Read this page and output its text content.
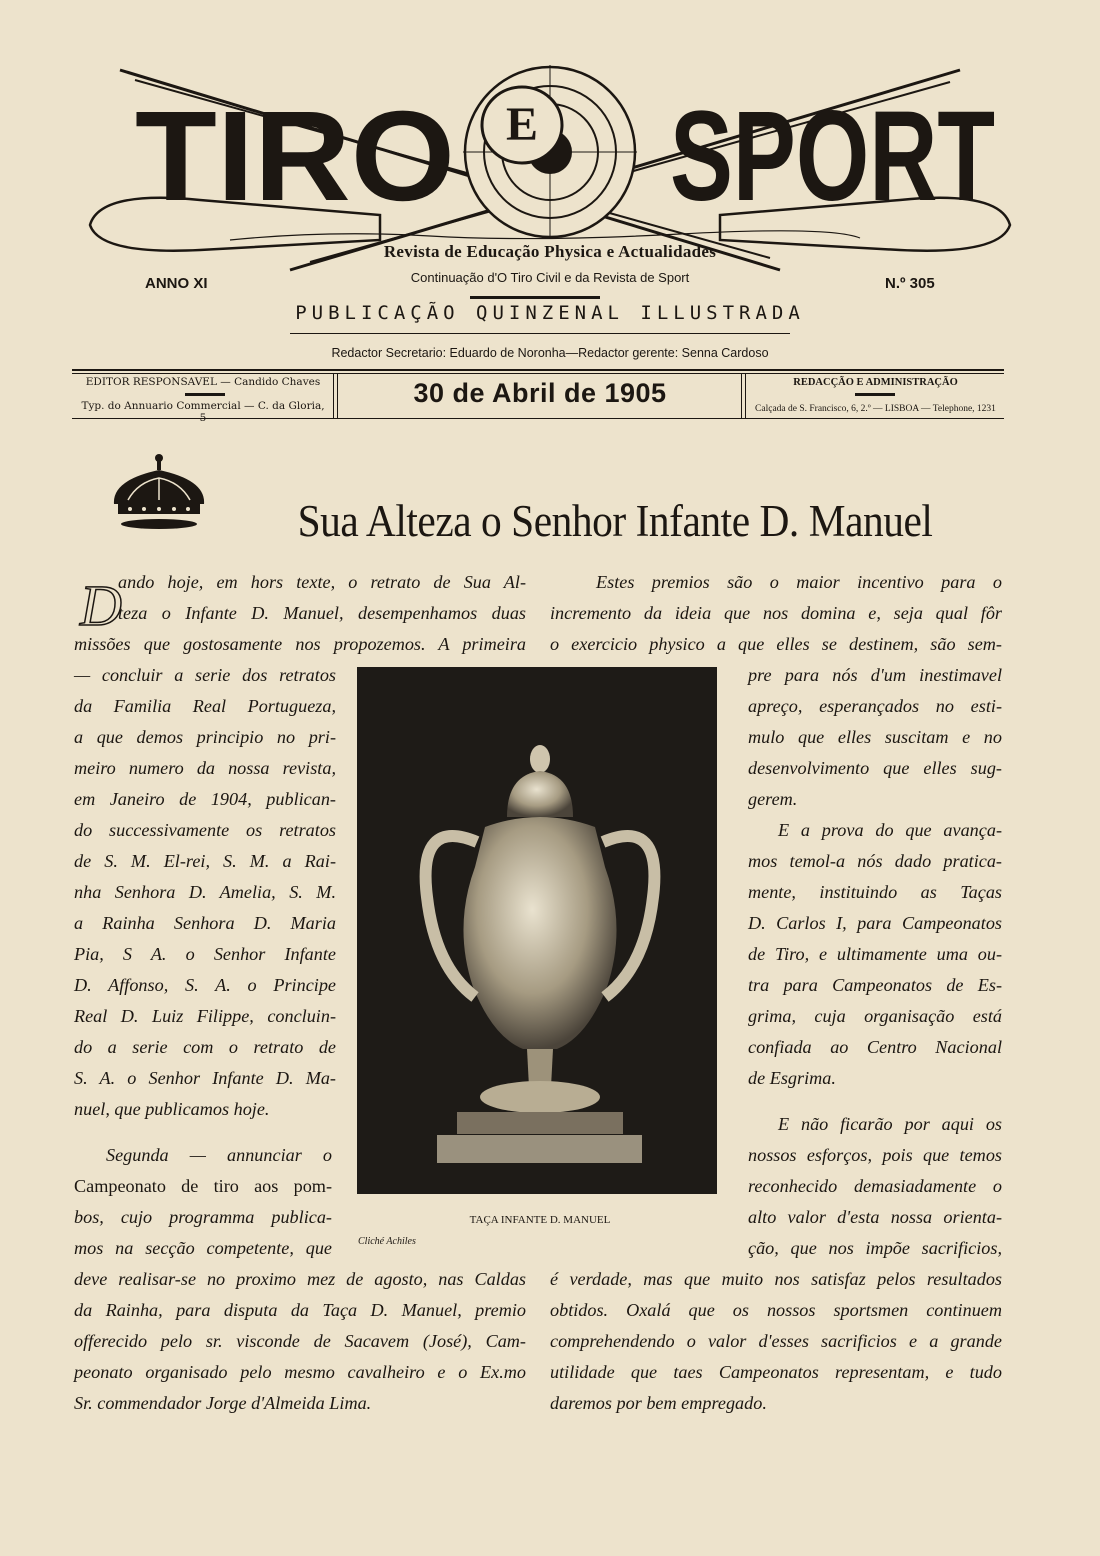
E
TIRO SPORT
ANNO XI	N.º 305
Revista de Educação Physica e Actualidades
Continuação d'O Tiro Civil e da Revista de Sport
PUBLICAÇÃO QUINZENAL ILLUSTRADA
Redactor Secretario: Eduardo de Noronha—Redactor gerente: Senna Cardoso
EDITOR RESPONSAVEL — Candido Chaves
Typ. do Annuario Commercial — C. da Gloria, 5
30 de Abril de 1905	REDACÇÃO E ADMINISTRAÇÃO
Calçada de S. Francisco, 6, 2.º — LISBOA — Telephone, 1231
Sua Alteza o Senhor Infante D. Manuel
D
TAÇA INFANTE D. MANUEL
Cliché Achiles
ando hoje, em hors texte, o retrato de Sua Al-
teza o Infante D. Manuel, desempenhamos duas
missões que gostosamente nos propozemos. A primeira
— concluir a serie dos retratos
da Familia Real Portugueza,
a que demos principio no pri-
meiro numero da nossa revista,
em Janeiro de 1904, publican-
do successivamente os retratos
de S. M. El-rei, S. M. a Rai-
nha Senhora D. Amelia, S. M.
a Rainha Senhora D. Maria
Pia, S A. o Senhor Infante
D. Affonso, S. A. o Principe
Real D. Luiz Filippe, concluin-
do a serie com o retrato de
S. A. o Senhor Infante D. Ma-
nuel, que publicamos hoje.
Segunda — annunciar o
Campeonato de tiro aos pom-
bos, cujo programma publica-
mos na secção competente, que
deve realisar-se no proximo mez de agosto, nas Caldas
da Rainha, para disputa da Taça D. Manuel, premio
offerecido pelo sr. visconde de Sacavem (José), Cam-
peonato organisado pelo mesmo cavalheiro e o Ex.mo
Sr. commendador Jorge d'Almeida Lima.
Estes premios são o maior incentivo para o
incremento da ideia que nos domina e, seja qual fôr
o exercicio physico a que elles se destinem, são sem-
pre para nós d'um inestimavel
apreço, esperançados no esti-
mulo que elles suscitam e no
desenvolvimento que elles sug-
gerem.
E a prova do que avança-
mos temol-a nós dado pratica-
mente, instituindo as Taças
D. Carlos I, para Campeonatos
de Tiro, e ultimamente uma ou-
tra para Campeonatos de Es-
grima, cuja organisação está
confiada ao Centro Nacional
de Esgrima.
E não ficarão por aqui os
nossos esforços, pois que temos
reconhecido demasiadamente o
alto valor d'esta nossa orienta-
ção, que nos impõe sacrificios,
é verdade, mas que muito nos satisfaz pelos resultados
obtidos. Oxalá que os nossos sportsmen continuem
comprehendendo o valor d'esses sacrificios e a grande
utilidade que taes Campeonatos representam, e tudo
daremos por bem empregado.
